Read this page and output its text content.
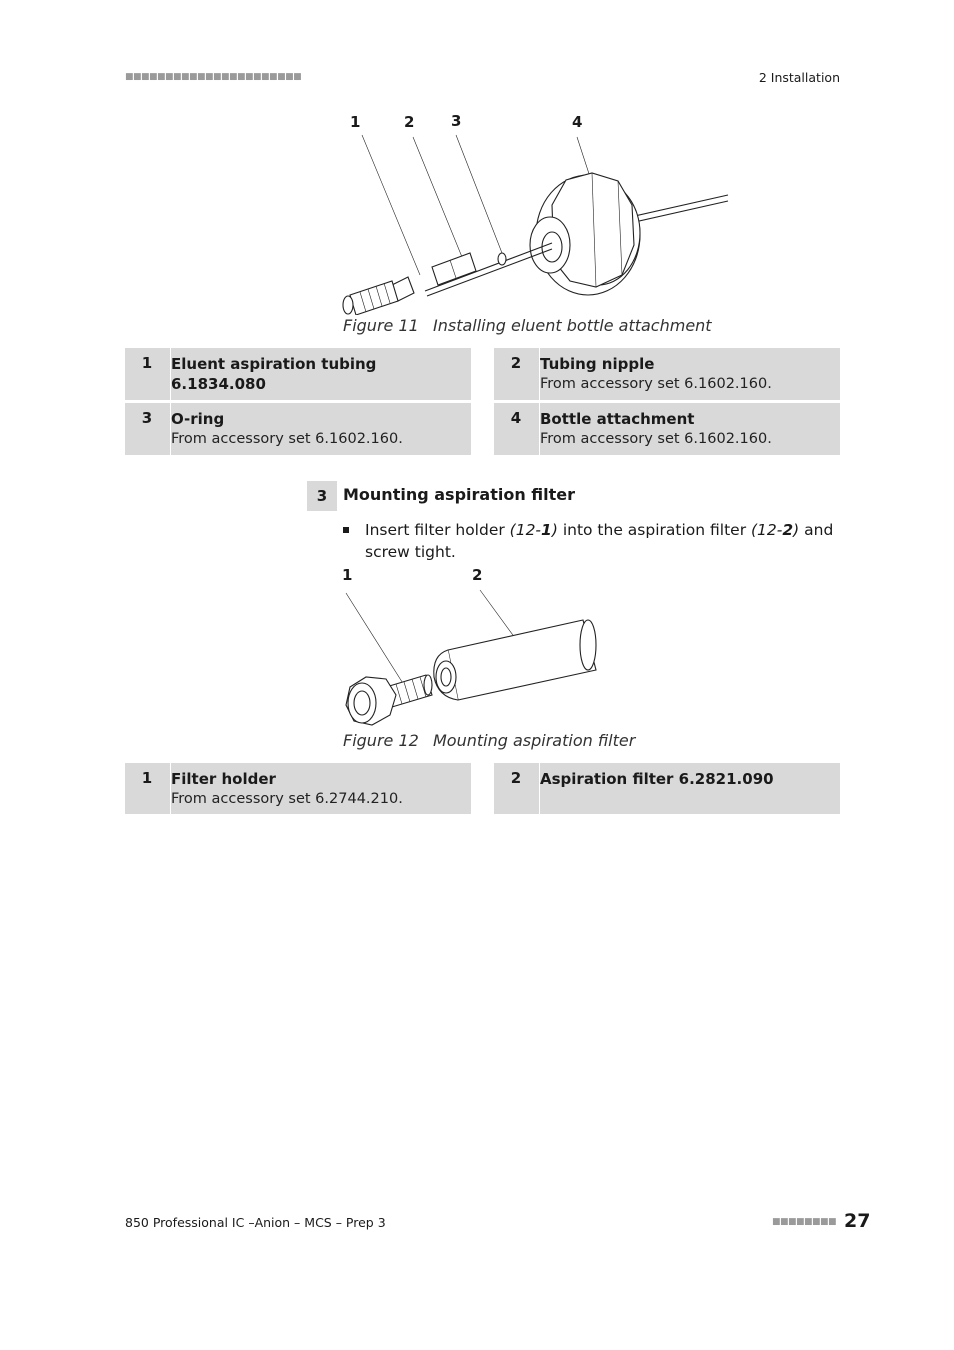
■■■■■■■■■■■■■■■■■■■■■■	2 Installation
1	2 3	4
Figure 11 Installing eluent bottle attachment
1	Eluent aspiration tubing 6.1834.080
2	Tubing nipple
From accessory set 6.1602.160.
3	O-ring
From accessory set 6.1602.160.
4	Bottle attachment
From accessory set 6.1602.160.
3 Mounting aspiration filter
Insert filter holder (12-1) into the aspiration filter (12-2) and screw tight.
1	2
Figure 12 Mounting aspiration filter
1	Filter holder
From accessory set 6.2744.210.
2	Aspiration filter 6.2821.090
850 Professional IC –Anion – MCS – Prep 3	■■■■■■■■ 27
